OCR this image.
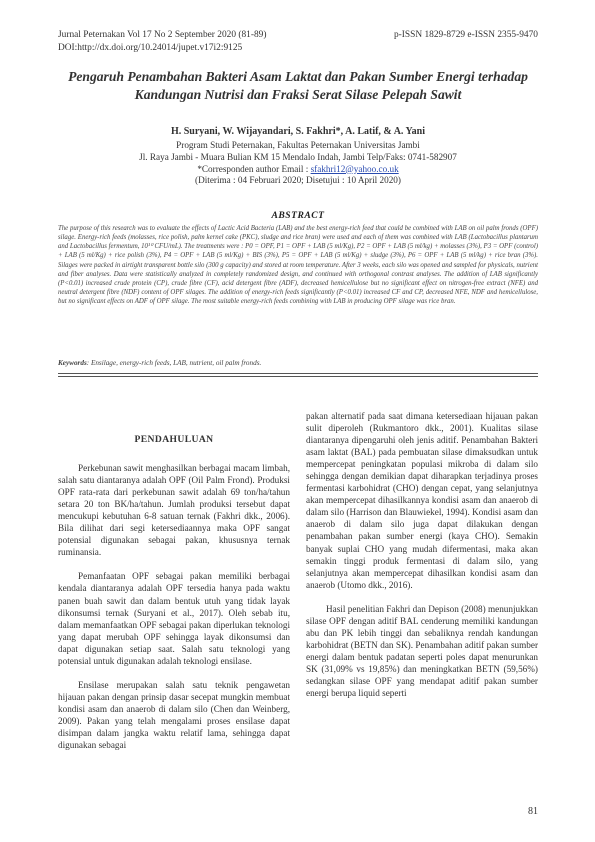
Jurnal Peternakan Vol 17 No 2 September 2020 (81-89)	p-ISSN 1829-8729 e-ISSN 2355-9470
DOI:http://dx.doi.org/10.24014/jupet.v17i2:9125
Pengaruh Penambahan Bakteri Asam Laktat dan Pakan Sumber Energi terhadap Kandungan Nutrisi dan Fraksi Serat Silase Pelepah Sawit
H. Suryani, W. Wijayandari, S. Fakhri*, A. Latif, & A. Yani
Program Studi Peternakan, Fakultas Peternakan Universitas Jambi
Jl. Raya Jambi - Muara Bulian KM 15 Mendalo Indah, Jambi Telp/Faks: 0741-582907
*Corresponden author Email : sfakhri12@yahoo.co.uk
(Diterima : 04 Februari 2020; Disetujui : 10 April 2020)
ABSTRACT
The purpose of this research was to evaluate the effects of Lactic Acid Bacteria (LAB) and the best energy-rich feed that could be combined with LAB on oil palm fronds (OPF) silage. Energy-rich feeds (molasses, rice polish, palm kernel cake (PKC), sludge and rice bran) were used and each of them was combined with LAB (Lactobacillus plantarum and Lactobacillus fermentum, 10¹⁰ CFU/mL). The treatments were : P0 = OPF, P1 = OPF + LAB (5 ml/Kg), P2 = OPF + LAB (5 ml/kg) + molasses (3%), P3 = OPF (control) + LAB (5 ml/Kg) + rice polish (3%), P4 = OPF + LAB (5 ml/Kg) + BIS (3%), P5 = OPF + LAB (5 ml/Kg) + sludge (3%), P6 = OPF + LAB (5 ml/kg) + rice bran (3%). Silages were packed in airtight transparent bottle silo (300 g capacity) and stored at room temperature. After 3 weeks, each silo was opened and sampled for physicals, nutrient and fiber analyses. Data were statistically analyzed in completely randomized design, and continued with orthogonal contrast analyses. The addition of LAB significantly (P<0.01) increased crude protein (CP), crude fibre (CF), acid detergent fibre (ADF), decreased hemicellulose but no significant effect on nitrogen-free extract (NFE) and neutral detergent fibre (NDF) content of OPF silages. The addition of energy-rich feeds significantly (P<0.01) increased CF and CP, decreased NFE, NDF and hemicellulose, but no significant effects on ADF of OPF silage. The most suitable energy-rich feeds combining with LAB in producing OPF silage was rice bran.
Keywords: Ensilage, energy-rich feeds, LAB, nutrient, oil palm fronds.
PENDAHULUAN

Perkebunan sawit menghasilkan berbagai macam limbah, salah satu diantaranya adalah OPF (Oil Palm Frond). Produksi OPF rata-rata dari perkebunan sawit adalah 69 ton/ha/tahun setara 20 ton BK/ha/tahun. Jumlah produksi tersebut dapat mencukupi kebutuhan 6-8 satuan ternak (Fakhri dkk., 2006). Bila dilihat dari segi ketersediaannya maka OPF sangat potensial digunakan sebagai pakan, khususnya ternak ruminansia.

Pemanfaatan OPF sebagai pakan memiliki berbagai kendala diantaranya adalah OPF tersedia hanya pada waktu panen buah sawit dan dalam bentuk utuh yang tidak layak dikonsumsi ternak (Suryani et al., 2017). Oleh sebab itu, dalam memanfaatkan OPF sebagai pakan diperlukan teknologi yang dapat merubah OPF sehingga layak dikonsumsi dan dapat digunakan setiap saat. Salah satu teknologi yang potensial untuk digunakan adalah teknologi ensilase.

Ensilase merupakan salah satu teknik pengawetan hijauan pakan dengan prinsip dasar secepat mungkin membuat kondisi asam dan anaerob di dalam silo (Chen dan Weinberg, 2009). Pakan yang telah mengalami proses ensilase dapat disimpan dalam jangka waktu relatif lama, sehingga dapat digunakan sebagai

pakan alternatif pada saat dimana ketersediaan hijauan pakan sulit diperoleh (Rukmantoro dkk., 2001). Kualitas silase diantaranya dipengaruhi oleh jenis aditif. Penambahan Bakteri asam laktat (BAL) pada pembuatan silase dimaksudkan untuk mempercepat peningkatan populasi mikroba di dalam silo sehingga dengan demikian dapat diharapkan terjadinya proses fermentasi karbohidrat (CHO) dengan cepat, yang selanjutnya akan mempercepat dihasilkannya kondisi asam dan anaerob di dalam silo (Harrison dan Blauwiekel, 1994). Kondisi asam dan anaerob di dalam silo juga dapat dilakukan dengan penambahan pakan sumber energi (kaya CHO). Semakin banyak suplai CHO yang mudah difermentasi, maka akan semakin tinggi produk fermentasi di dalam silo, yang selanjutnya akan mempercepat dihasilkan kondisi asam dan anaerob (Utomo dkk., 2016).

Hasil penelitian Fakhri dan Depison (2008) menunjukkan silase OPF dengan aditif BAL cenderung memiliki kandungan abu dan PK lebih tinggi dan sebaliknya rendah kandungan karbohidrat (BETN dan SK). Penambahan aditif pakan sumber energi dalam bentuk padatan seperti poles dapat menurunkan SK (31,09% vs 19,85%) dan meningkatkan BETN (59,56%) sedangkan silase OPF yang mendapat aditif pakan sumber energi berupa liquid seperti

81
